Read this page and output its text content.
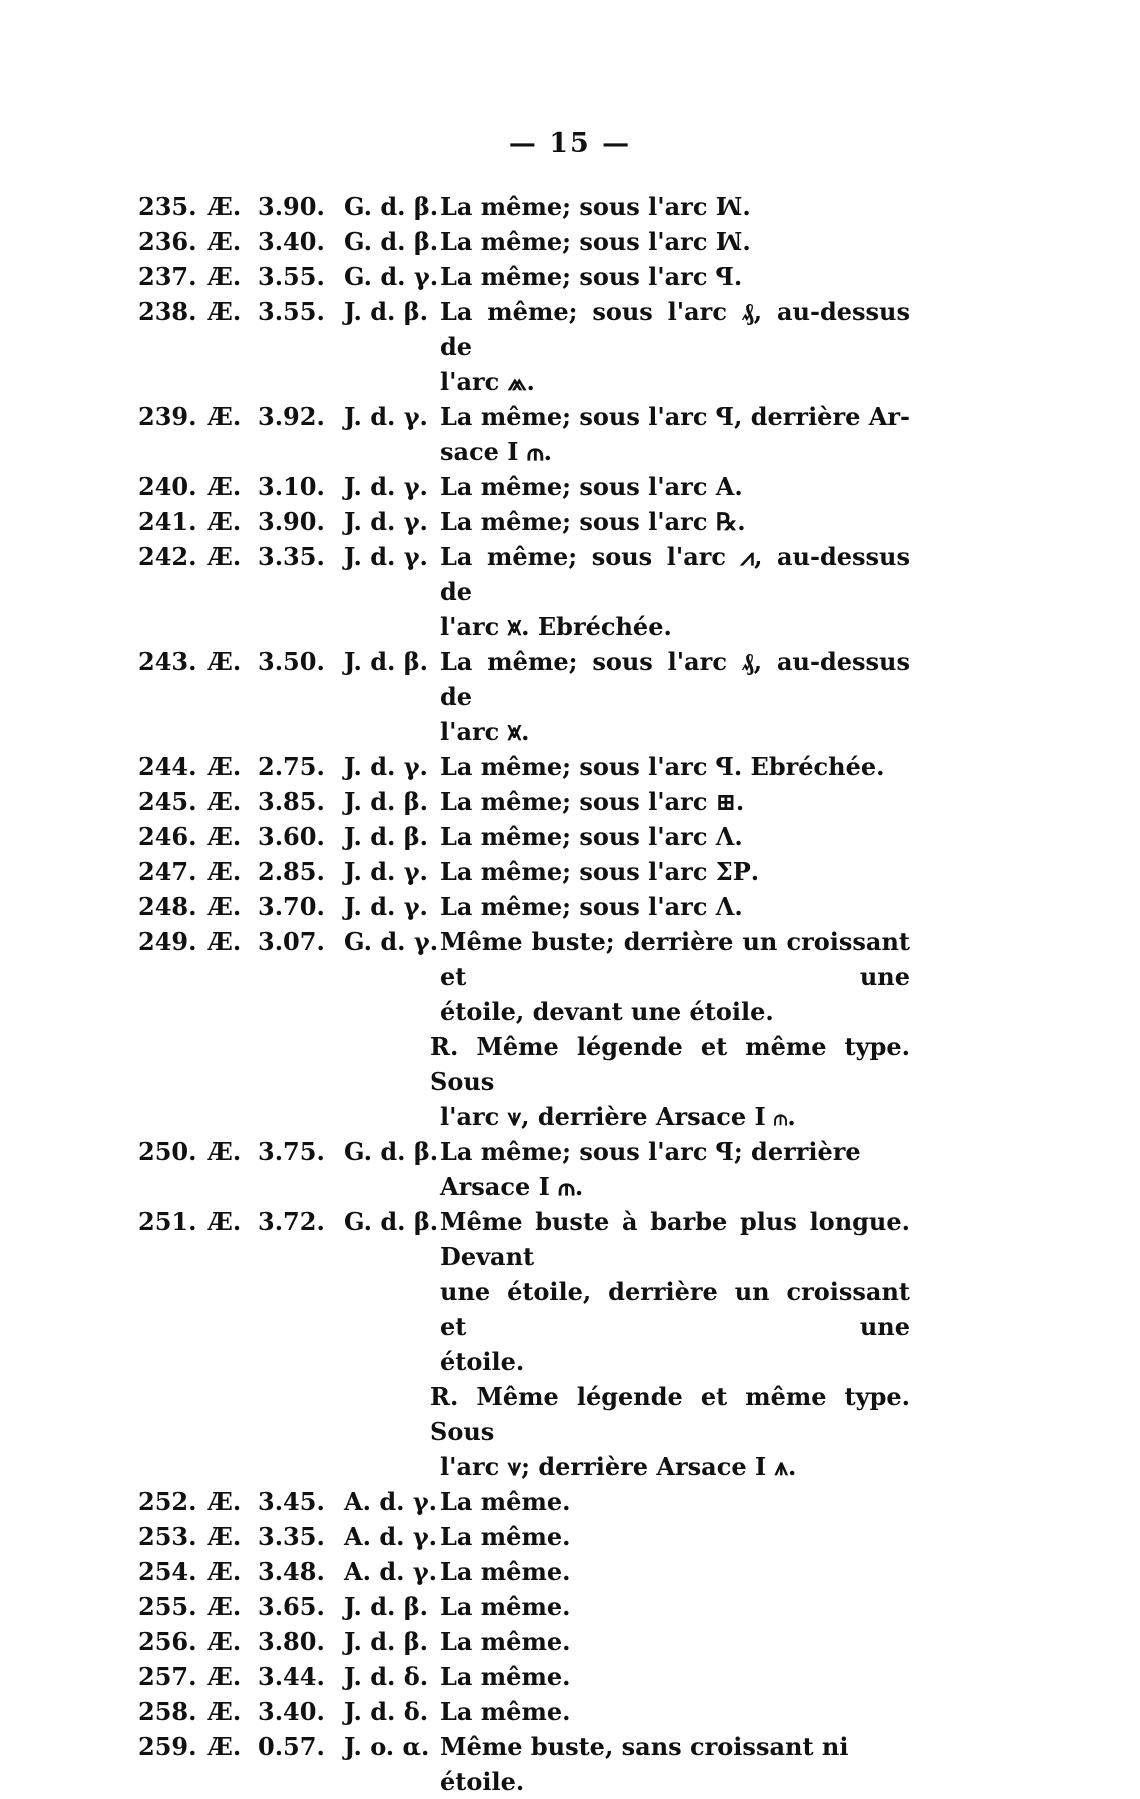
— 15 —
235. Æ. 3.90. G. d. β. La même; sous l'arc ꟽ.
236. Æ. 3.40. G. d. β. La même; sous l'arc ꟽ.
237. Æ. 3.55. G. d. γ. La même; sous l'arc ꟼ.
238. Æ. 3.55. J. d. β. La même; sous l'arc ₰, au-dessus de
l'arc ⩕.
239. Æ. 3.92. J. d. γ. La même; sous l'arc ꟼ, derrière Ar-
sace I ⫙.
240. Æ. 3.10. J. d. γ. La même; sous l'arc A.
241. Æ. 3.90. J. d. γ. La même; sous l'arc ℞.
242. Æ. 3.35. J. d. γ. La même; sous l'arc ⩘, au-dessus de
l'arc ⩙. Ebréchée.
243. Æ. 3.50. J. d. β. La même; sous l'arc ₰, au-dessus de
l'arc ⩙.
244. Æ. 2.75. J. d. γ. La même; sous l'arc ꟼ. Ebréchée.
245. Æ. 3.85. J. d. β. La même; sous l'arc ⊞.
246. Æ. 3.60. J. d. β. La même; sous l'arc Λ.
247. Æ. 2.85. J. d. γ. La même; sous l'arc ΣΡ.
248. Æ. 3.70. J. d. γ. La même; sous l'arc Λ.
249. Æ. 3.07. G. d. γ. Même buste; derrière un croissant et une
étoile, devant une étoile.
R. Même légende et même type. Sous
l'arc ⩛, derrière Arsace I ⫙.
250. Æ. 3.75. G. d. β. La même; sous l'arc ꟼ; derrière Arsace I ⫙.
251. Æ. 3.72. G. d. β. Même buste à barbe plus longue. Devant
une étoile, derrière un croissant et une
étoile.
R. Même légende et même type. Sous
l'arc ⩛; derrière Arsace I ⩚.
252. Æ. 3.45. A. d. γ. La même.
253. Æ. 3.35. A. d. γ. La même.
254. Æ. 3.48. A. d. γ. La même.
255. Æ. 3.65. J. d. β. La même.
256. Æ. 3.80. J. d. β. La même.
257. Æ. 3.44. J. d. δ. La même.
258. Æ. 3.40. J. d. δ. La même.
259. Æ. 0.57. J. o. α. Même buste, sans croissant ni étoile.
